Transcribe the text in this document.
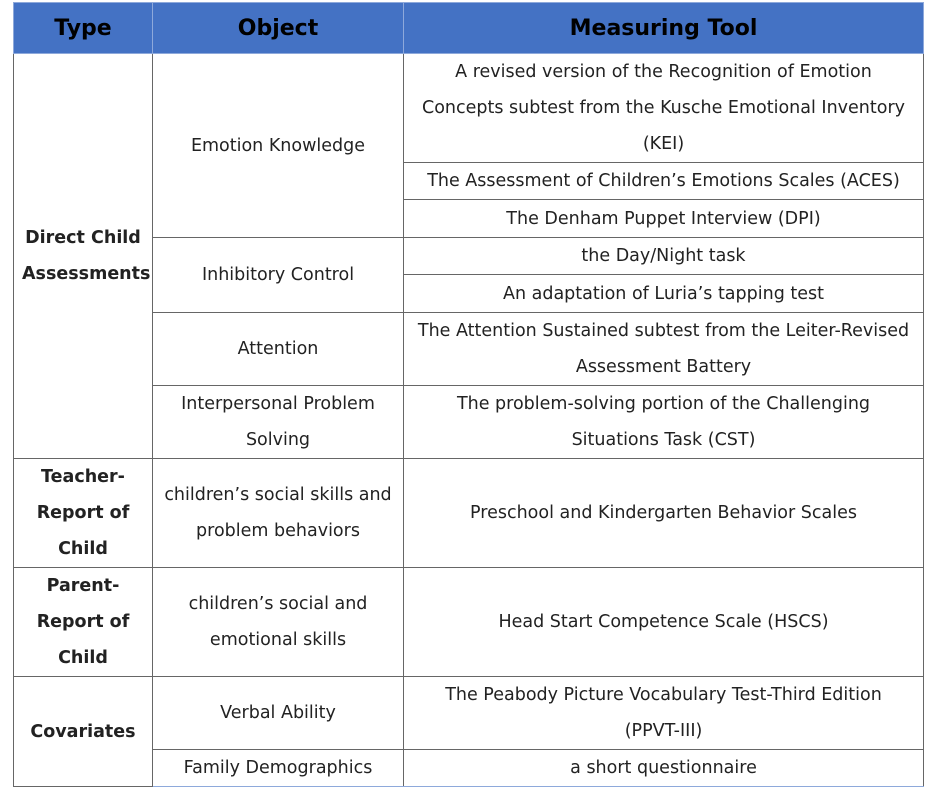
Type	Object	Measuring Tool
Direct Child Assessments	Emotion Knowledge	A revised version of the Recognition of Emotion Concepts subtest from the Kusche Emotional Inventory (KEI)
		The Assessment of Children’s Emotions Scales (ACES)
		The Denham Puppet Interview (DPI)
	Inhibitory Control	the Day/Night task
		An adaptation of Luria’s tapping test
	Attention	The Attention Sustained subtest from the Leiter-Revised Assessment Battery
	Interpersonal Problem Solving	The problem-solving portion of the Challenging Situations Task (CST)
Teacher-Report of Child	children’s social skills and problem behaviors	Preschool and Kindergarten Behavior Scales
Parent-Report of Child	children’s social and emotional skills	Head Start Competence Scale (HSCS)
Covariates	Verbal Ability	The Peabody Picture Vocabulary Test-Third Edition (PPVT-III)
	Family Demographics	a short questionnaire
